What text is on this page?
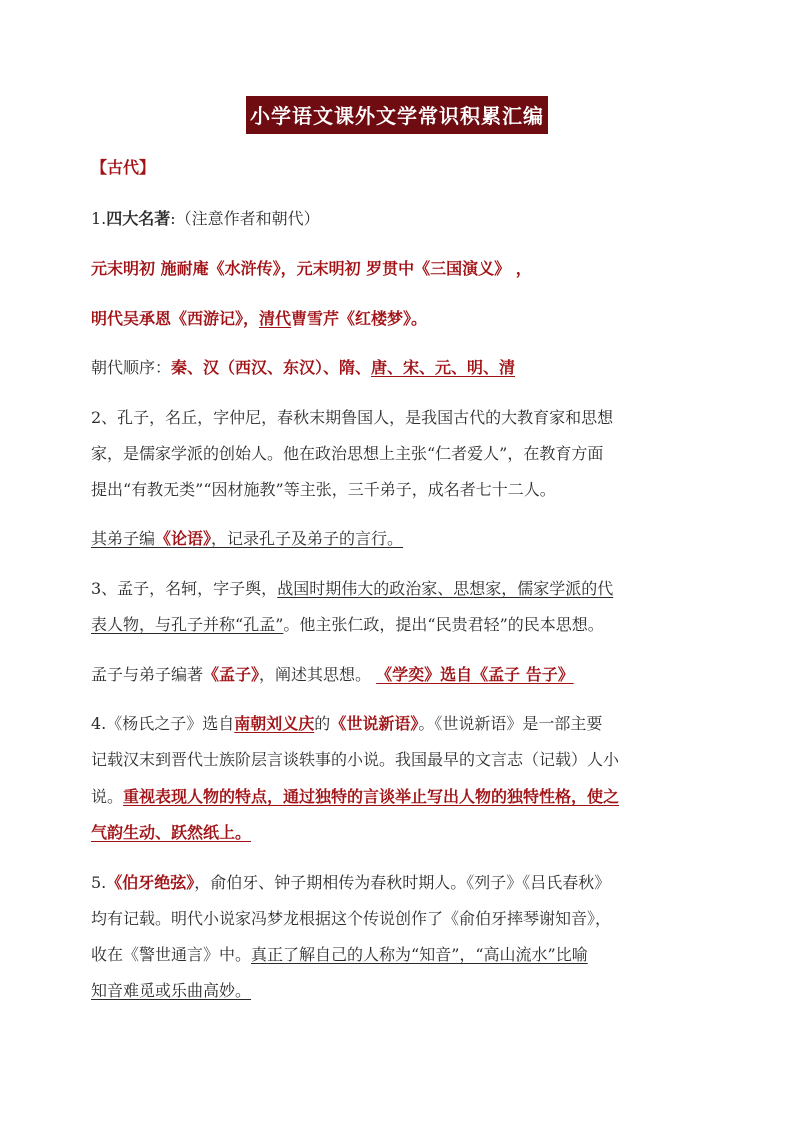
小学语文课外文学常识积累汇编
【古代】
1.四大名著:（注意作者和朝代）
元末明初 施耐庵《水浒传》，元末明初 罗贯中《三国演义》 ，
明代吴承恩《西游记》，清代曹雪芹《红楼梦》。
朝代顺序：秦、汉（西汉、东汉）、隋、唐、宋、元、明、清
2、孔子，名丘，字仲尼，春秋末期鲁国人，是我国古代的大教育家和思想
家，是儒家学派的创始人。他在政治思想上主张“仁者爱人”，在教育方面
提出“有教无类”“因材施教”等主张，三千弟子，成名者七十二人。
其弟子编《论语》，记录孔子及弟子的言行。
3、孟子，名轲，字子舆，战国时期伟大的政治家、思想家，儒家学派的代
表人物，与孔子并称“孔孟”。他主张仁政，提出“民贵君轻”的民本思想。
孟子与弟子编著《孟子》，阐述其思想。 《学奕》选自《孟子 告子》
4.《杨氏之子》选自南朝刘义庆的《世说新语》。《世说新语》是一部主要
记载汉末到晋代士族阶层言谈轶事的小说。我国最早的文言志（记载）人小
说。重视表现人物的特点，通过独特的言谈举止写出人物的独特性格，使之
气韵生动、跃然纸上。
5.《伯牙绝弦》，俞伯牙、钟子期相传为春秋时期人。《列子》《吕氏春秋》
均有记载。明代小说家冯梦龙根据这个传说创作了《俞伯牙摔琴谢知音》，
收在《警世通言》中。真正了解自己的人称为“知音”，“高山流水”比喻
知音难觅或乐曲高妙。
